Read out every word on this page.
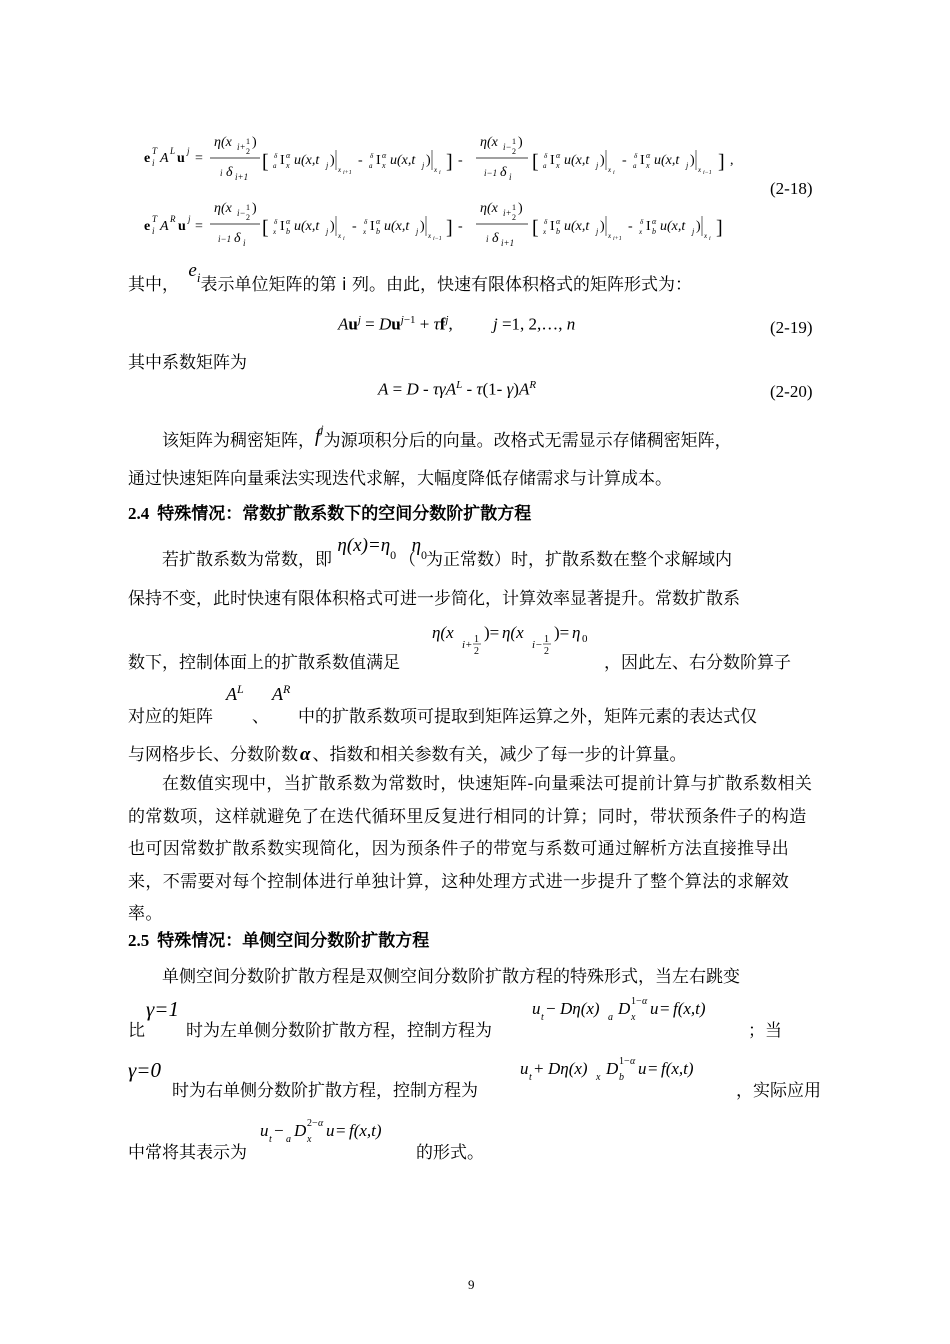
e T
i A L u j =
η(x i+
1
2
)
i δ i+1
[ δ
a I α
x u(x,t j )
x i+1
- δ
a I α
x u(x,t j )
x i ] -
η(x i−
1
2
)
i−1 δ i
[ δ
a I α
x u(x,t j )
x i
- δ
a I α
x u(x,t j )
x i−1 ] ,
e T
i A R u j =
η(x i−
1
2
)
i−1 δ i
[ δ
x I α
b u(x,t j )
x i
- δ
x I α
b u(x,t j )
x i−1 ] -
η(x i+
1
2
)
i δ i+1
[ δ
x I α
b u(x,t j )
x i+1
- δ
x I α
b u(x,t j )
x i ]
(2-18)
其中， $e^i$表示单位矩阵的第 i 列。由此，快速有限体积格式的矩阵形式为：
$Au^j = Du^{j-1} + \tau f^j$, j =1, 2,…, n	(2-19)
其中系数矩阵为
A = D - τγA$^L$ - τ(1- $\gamma)A^R$	(2-20)
该矩阵为稠密矩阵，$f^j$为源项积分后的向量。改格式无需显示存储稠密矩阵，
通过快速矩阵向量乘法实现迭代求解，大幅度降低存储需求与计算成本。
2.4 特殊情况：常数扩散系数下的空间分数阶扩散方程
若扩散系数为常数，即 $\eta(x)=\eta_0$ $\eta_0$（ 为正常数）时，扩散系数在整个求解域内
保持不变，此时快速有限体积格式可进一步简化，计算效率显著提升。常数扩散系
数下，控制体面上的扩散系数值满足
η(x
i+ 1
2
)= η(x
i− 1
2
)= η 0
，因此左、右分数阶算子
对应的矩阵
$A^L$
、
$A^R$
中的扩散系数项可提取到矩阵运算之外，矩阵元素的表达式仅
与网格步长、分数阶数 α 、指数和相关参数有关，减少了每一步的计算量。
在数值实现中，当扩散系数为常数时，快速矩阵-向量乘法可提前计算与扩散系数相关的常数项，这样就避免了在迭代循环里反复进行相同的计算；同时，带状预条件子的构造也可因常数扩散系数实现简化，因为预条件子的带宽与系数可通过解析方法直接推导出来，不需要对每个控制体进行单独计算，这种处理方式进一步提升了整个算法的求解效率。
2.5 特殊情况：单侧空间分数阶扩散方程
单侧空间分数阶扩散方程是双侧空间分数阶扩散方程的特殊形式，当左右跳变
比
γ=1
时为左单侧分数阶扩散方程，控制方程为
u t − Dη(x) a D 1− α
x u = f(x,t)
；当
γ=0
时为右单侧分数阶扩散方程，控制方程为
u t + Dη(x) x D 1− α
b u = f(x,t)
，实际应用
中常将其表示为
u t − a D 2− α
x u = f(x,t)
的形式。
9
